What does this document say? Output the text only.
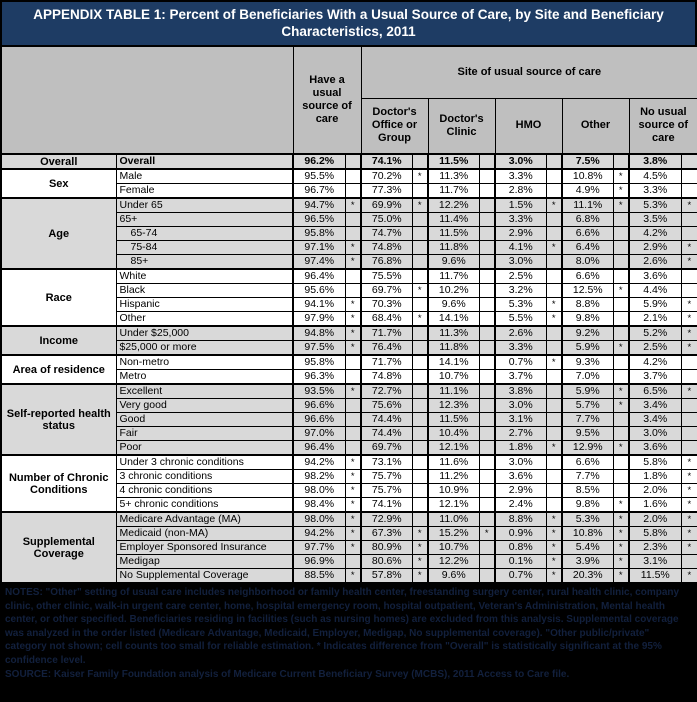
APPENDIX TABLE 1: Percent of Beneficiaries With a Usual Source of Care, by Site and Beneficiary Characteristics, 2011
		Have a usual source of care		Site of usual source of care									
				Doctor's Office or Group		Doctor's Clinic		HMO		Other		No usual source of care	
Overall	Overall	96.2%		74.1%		11.5%		3.0%		7.5%		3.8%	
Sex	Male	95.5%		70.2%	*	11.3%		3.3%		10.8%	*	4.5%	
	Female	96.7%		77.3%		11.7%		2.8%		4.9%	*	3.3%	
Age	Under 65	94.7%	*	69.9%	*	12.2%		1.5%	*	11.1%	*	5.3%	*
	65+	96.5%		75.0%		11.4%		3.3%		6.8%		3.5%	
	65-74	95.8%		74.7%		11.5%		2.9%		6.6%		4.2%	
	75-84	97.1%	*	74.8%		11.8%		4.1%	*	6.4%		2.9%	*
	85+	97.4%	*	76.8%		9.6%		3.0%		8.0%		2.6%	*
Race	White	96.4%		75.5%		11.7%		2.5%		6.6%		3.6%	
	Black	95.6%		69.7%	*	10.2%		3.2%		12.5%	*	4.4%	
	Hispanic	94.1%	*	70.3%		9.6%		5.3%	*	8.8%		5.9%	*
	Other	97.9%	*	68.4%	*	14.1%		5.5%	*	9.8%		2.1%	*
Income	Under $25,000	94.8%	*	71.7%		11.3%		2.6%		9.2%		5.2%	*
	$25,000 or more	97.5%	*	76.4%		11.8%		3.3%		5.9%	*	2.5%	*
Area of residence	Non-metro	95.8%		71.7%		14.1%		0.7%	*	9.3%		4.2%	
	Metro	96.3%		74.8%		10.7%		3.7%		7.0%		3.7%	
Self-reported health status	Excellent	93.5%	*	72.7%		11.1%		3.8%		5.9%	*	6.5%	*
	Very good	96.6%		75.6%		12.3%		3.0%		5.7%	*	3.4%	
	Good	96.6%		74.4%		11.5%		3.1%		7.7%		3.4%	
	Fair	97.0%		74.4%		10.4%		2.7%		9.5%		3.0%	
	Poor	96.4%		69.7%		12.1%		1.8%	*	12.9%	*	3.6%	
Number of Chronic Conditions	Under 3 chronic conditions	94.2%	*	73.1%		11.6%		3.0%		6.6%		5.8%	*
	3 chronic conditions	98.2%	*	75.7%		11.2%		3.6%		7.7%		1.8%	*
	4 chronic conditions	98.0%	*	75.7%		10.9%		2.9%		8.5%		2.0%	*
	5+ chronic conditions	98.4%	*	74.1%		12.1%		2.4%		9.8%	*	1.6%	*
Supplemental Coverage	Medicare Advantage (MA)	98.0%	*	72.9%		11.0%		8.8%	*	5.3%	*	2.0%	*
	Medicaid (non-MA)	94.2%	*	67.3%	*	15.2%	*	0.9%	*	10.8%	*	5.8%	*
	Employer Sponsored Insurance	97.7%	*	80.9%	*	10.7%		0.8%	*	5.4%	*	2.3%	*
	Medigap	96.9%		80.6%	*	12.2%		0.1%	*	3.9%	*	3.1%	
	No Supplemental Coverage	88.5%	*	57.8%	*	9.6%		0.7%	*	20.3%	*	11.5%	*

NOTES: "Other" setting of usual care includes neighborhood or family health center, freestanding surgery center, rural health clinic, company clinic, other clinic, walk-in urgent care center, home, hospital emergency room, hospital outpatient, Veteran's Administration, Mental health center, or other specified. Beneficiaries residing in facilities (such as nursing homes) are excluded from this analysis. Supplemental coverage was analyzed in the order listed (Medicare Advantage, Medicaid, Employer, Medigap, No supplemental coverage). "Other public/private" category not shown; cell counts too small for reliable estimation. * Indicates difference from "Overall" is statistically significant at the 95% confidence level.

SOURCE: Kaiser Family Foundation analysis of Medicare Current Beneficiary Survey (MCBS), 2011 Access to Care file.
